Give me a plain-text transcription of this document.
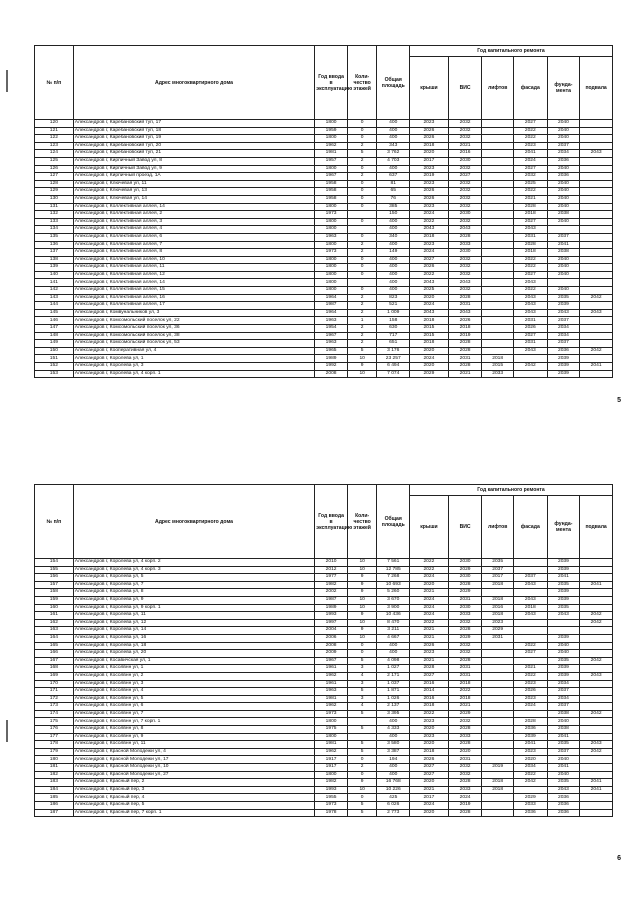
№ п/п	Адрес многоквартирного дома	Год ввода в эксплуатацию	Коли-чество этажей	Общая площадь	Год капитального ремонта					
					крыши	ВИС	лифтов	фасада	фунда-мента	подвала
120	Александров г, Каребановский туп, 17	1800	0	400	2023	2032		2027	2040	
121	Александров г, Каребановский туп, 18	1959	0	400	2026	2032		2022	2040	
122	Александров г, Каребановский туп, 19	1800	0	400	2026	2032		2022	2040	
123	Александров г, Каребановский туп, 20	1962	2	343	2018	2021		2023	2037	
124	Александров г, Каребановский туп, 21	1981	5	3 762	2020	2016		2041	2034	2043
125	Александров г, Кирпичный Завод ул, 8	1957	2	4 703	2017	2030		2024	2036	
126	Александров г, Кирпичный Завод ул, 9	1800	0	400	2023	2032		2027	2040	
127	Александров г, Кирпичный проезд, 1А	1967	2	637	2019	2027		2032	2036	
128	Александров г, Ключевая ул, 11	1958	0	81	2023	2032		2025	2040	
129	Александров г, Ключевая ул, 13	1958	0	65	2026	2032		2022	2040	
130	Александров г, Ключевая ул, 14	1958	0	76	2026	2032		2021	2040	
131	Александров г, Коллективная аллея, 14	1800	0	385	2023	2032		2028	2040	
132	Александров г, Коллективная аллея, 2	1973		150	2024	2030		2018	2038	
133	Александров г, Коллективная аллея, 3	1800	0	400	2022	2032		2027	2040	
134	Александров г, Коллективная аллея, 4	1800		400	2043	2043		2043		
135	Александров г, Коллективная аллея, 6	1963	0	340	2018	2028		2031	2037	
136	Александров г, Коллективная аллея, 7	1800	2	400	2023	2033		2028	2041	
137	Александров г, Коллективная аллея, 8	1973	2	149	2024	2030		2018	2038	
138	Александров г, Коллективная аллея, 10	1800	0	400	2027	2032		2022	2040	
139	Александров г, Коллективная аллея, 11	1800	0	400	2026	2032		2022	2040	
140	Александров г, Коллективная аллея, 12	1800	0	400	2022	2032		2027	2040	
141	Александров г, Коллективная аллея, 14	1800		400	2043	2043		2043		
142	Александров г, Коллективная аллея, 15	1800	0	400	2025	2032		2022	2040	
143	Александров г, Коллективная аллея, 16	1964	2	823	2020	2028		2043	2035	2042
144	Александров г, Коллективная аллея, 17	1987	2	521	2024	2031		2043	2039	
145	Александров г, Комвунальников ул, 3	1964	2	1 009	2043	2043		2043	2043	2043
146	Александров г, Комсомольский поселок ул, 22	1963	1	158	2018	2026		2031	2037	
147	Александров г, Комсомольский поселок ул, 36	1954	2	630	2015	2018		2026	2034	
148	Александров г, Комсомольский поселок ул, 38	1967	2	717	2015	2019		2027	2034	
149	Александров г, Комсомольский поселок ул, 53	1963	2	651	2018	2028		2031	2037	
150	Александров г, Кооперативная ул, 4	1965	5	3 176	2020	2028		2043	2036	2042
151	Александров г, Королева ул, 1	1989	10	23 257	2024	2031	2018		2039	
152	Александров г, Королева ул, 3	1992	9	6 494	2020	2028	2015	2042	2039	2041
153	Александров г, Королева ул, 4 корп. 1	2008	10	7 074	2029	2021	2033		2039	
5
№ п/п	Адрес многоквартирного дома	Год ввода в эксплуатацию	Коли-чество этажей	Общая площадь	Год капитального ремонта					
					крыши	ВИС	лифтов	фасада	фунда-мента	подвала
154	Александров г, Королева ул, 4 корп. 2	2010	10	7 561	2022	2030	2035		2039	
155	Александров г, Королева ул, 4 корп. 3	2012	10	12 785	2022	2029	2037		2039	
156	Александров г, Королева ул, 5	1977	9	7 268	2024	2030	2017	2037	2041	
157	Александров г, Королева ул, 7	1982	9	10 693	2020	2028	2018	2043	2035	2041
158	Александров г, Королева ул, 8	2002	9	5 260	2021	2029			2039	
159	Александров г, Королева ул, 9	1987	10	3 670	2024	2031	2018	2043	2039	
160	Александров г, Королева ул, 9 корп. 1	1989	10	3 900	2024	2030	2016	2018	2035	
161	Александров г, Королева ул, 11	1993	9	10 436	2024	2033	2018	2043	2043	2042
162	Александров г, Королева ул, 12	1997	10	8 470	2022	2032	2023			2042
163	Александров г, Королева ул, 14	2004	9	3 211	2021	2028	2029			
164	Александров г, Королева ул, 16	2006	10	4 667	2021	2029	2031		2039	
165	Александров г, Королева ул, 18	2008	0	400	2026	2032		2022	2040	
166	Александров г, Королева ул, 20	2009	0	400	2023	2032		2027	2040	
167	Александров г, Косавичская ул, 1	1967	5	4 098	2021	2028			2035	2042
168	Александров г, Косолвнн ул, 1	1961	3	1 027	2028	2031		2021	2039	
169	Александров г, Косолвнн ул, 2	1962	4	2 171	2027	2031		2022	2039	2043
170	Александров г, Косолвнн ул, 3	1961	3	1 037	2016	2018		2023	2034	
171	Александров г, Косолвнн ул, 4	1963	5	1 871	2014	2022		2026	2037	
172	Александров г, Косолвнн ул, 5	1981	3	1 026	2016	2018		2023	2034	
173	Александров г, Косолвнн ул, 6	1962	4	2 137	2018	2021		2024	2037	
174	Александров г, Косолвнн ул, 7	1973	5	3 395	2022	2029			2038	2042
175	Александров г, Косолвнн ул, 7 корп. 1	1800		400	2023	2032		2028	2040	
176	Александров г, Косолвнн ул, 8	1975	5	4 333	2020	2028		2036	2038	
177	Александров г, Косолвнн ул, 9	1800		400	2023	2033		2039	2041	
178	Александров г, Косолвнн ул, 11	1981	5	3 580	2020	2028		2041	2035	2043
179	Александров г, Красной Молодежи ул, 4	1962	5	3 387	2018	2020		2023	2037	2042
180	Александров г, Красной Молодежи ул, 17	1917	0	194	2026	2031		2020	2040	
181	Александров г, Красной Молодежи ул, 10	1917	2	400	2027	2032	2019	2034	2041	
182	Александров г, Красной Молодежи ул, 27	1800	0	400	2027	2032		2022	2040	
183	Александров г, Красный пер, 2	1982	9	16 768	2020	2028	2018	2042	2035	2041
184	Александров г, Красный пер, 3	1993	10	10 226	2021	2033	2018		2043	2041
185	Александров г, Красный пер, 4	1955	0	425	2017	2024		2029	2036	
186	Александров г, Красный пер, 5	1973	5	6 026	2024	2019		2033	2036	
187	Александров г, Красный пер, 7 корп. 1	1978	5	2 773	2020	2028		2036	2036	
6
